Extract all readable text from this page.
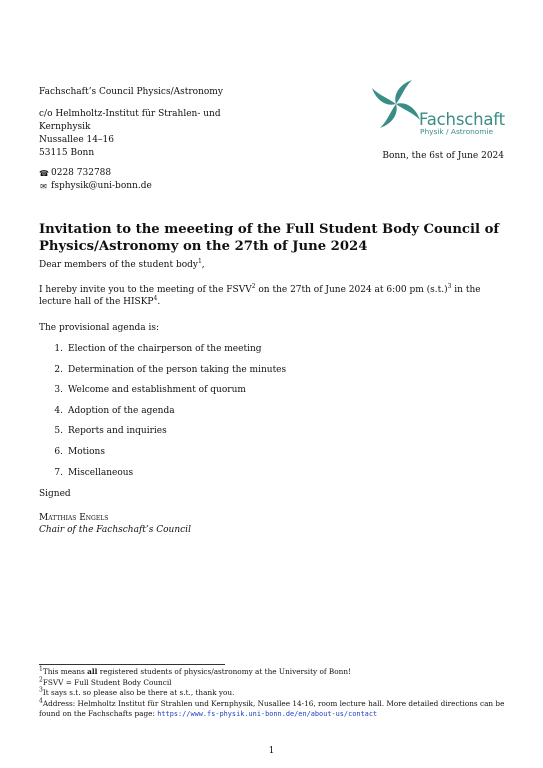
Fachschaft’s Council Physics/Astronomy
c/o Helmholtz-Institut für Strahlen- und
Kernphysik
Nussallee 14–16
53115 Bonn
☎ 0228 732788
✉ fsphysik@uni-bonn.de
Fachschaft
Physik / Astronomie
Bonn, the 6st of June 2024
Invitation to the meeeting of the Full Student Body Council of Physics/Astronomy on the 27th of June 2024

Dear members of the student body$^1$,

I hereby invite you to the meeting of the FSVV$^2$ on the 27th of June 2024 at 6:00 pm $(s.t.)^3$ in the lecture hall of the HISKP$^4$.

The provisional agenda is:

1. Election of the chairperson of the meeting
2. Determination of the person taking the minutes
3. Welcome and establishment of quorum
4. Adoption of the agenda
5. Reports and inquiries
6. Motions
7. Miscellaneous

Signed

Matthias Engels

Chair of the Fachschaft’s Council

$^1$This means all registered students of physics/astronomy at the University of Bonn!

$^2$FSVV = Full Student Body Council

$^3$It says s.t. so please also be there at s.t., thank you.

$^4$Address: Helmholtz Institut für Strahlen und Kernphysik, Nusallee 14-16, room lecture hall. More detailed directions can be found on the Fachschafts page: https://www.fs-physik.uni-bonn.de/en/about-us/contact

1
